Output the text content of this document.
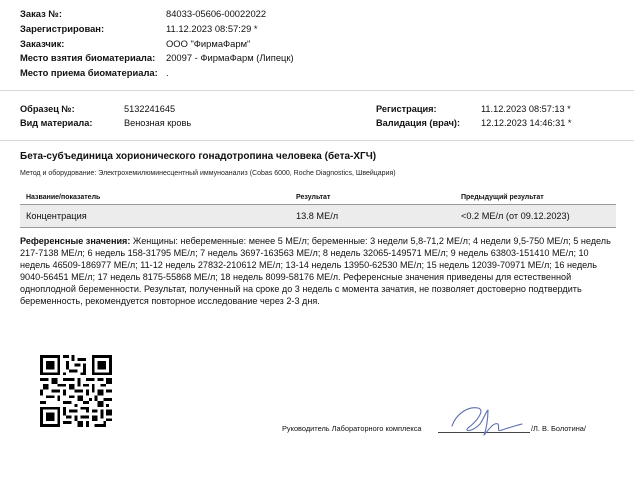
Заказ №:	84033-05606-00022022
Зарегистрирован:	11.12.2023 08:57:29 *
Заказчик:	ООО "ФирмаФарм"
Место взятия биоматериала: 20097 - ФирмаФарм (Липецк)
Место приема биоматериала: .
Образец №:	5132241645
Вид материала:	Венозная кровь
Регистрация:	11.12.2023 08:57:13 *
Валидация (врач): 12.12.2023 14:46:31 *
Бета-субъединица хорионического гонадотропина человека (бета-ХГЧ)
Метод и оборудование: Электрохемилюминесцентный иммуноанализ (Cobas 6000, Roche Diagnostics, Швейцария)
Название/показатель	Результат	Предыдущий результат
Концентрация	13.8 МЕ/л	<0.2 МЕ/л (от 09.12.2023)
Референсные значения: Женщины: небеременные: менее 5 МЕ/л; беременные: 3 недели 5,8-71,2 МЕ/л; 4 недели 9,5-750 МЕ/л; 5 недель 217-7138 МЕ/л; 6 недель 158-31795 МЕ/л; 7 недель 3697-163563 МЕ/л; 8 недель 32065-149571 МЕ/л; 9 недель 63803-151410 МЕ/л; 10 недель 46509-186977 МЕ/л; 11-12 недель 27832-210612 МЕ/л; 13-14 недель 13950-62530 МЕ/л; 15 недель 12039-70971 МЕ/л; 16 недель 9040-56451 МЕ/л; 17 недель 8175-55868 МЕ/л; 18 недель 8099-58176 МЕ/л. Референсные значения приведены для естественной одноплодной беременности. Результат, полученный на сроке до 3 недель с момента зачатия, не позволяет достоверно подтвердить беременность, рекомендуется повторное исследование через 2-3 дня.
Руководитель Лабораторного комплекса	/Л. В. Болотина/
